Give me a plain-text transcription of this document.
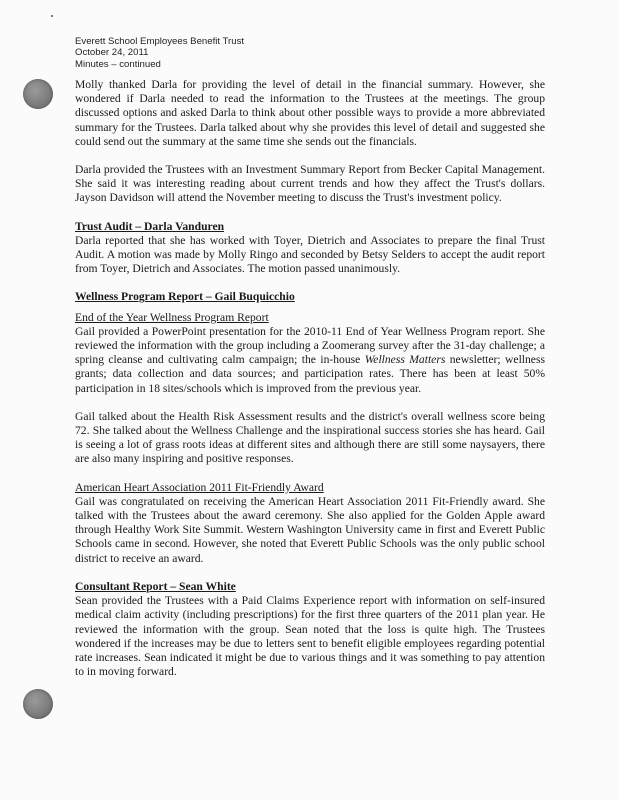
Everett School Employees Benefit Trust
October 24, 2011
Minutes – continued

Molly thanked Darla for providing the level of detail in the financial summary. However, she wondered if Darla needed to read the information to the Trustees at the meetings. The group discussed options and asked Darla to think about other possible ways to provide a more abbreviated summary for the Trustees. Darla talked about why she provides this level of detail and suggested she could send out the summary at the same time she sends out the financials.

Darla provided the Trustees with an Investment Summary Report from Becker Capital Management. She said it was interesting reading about current trends and how they affect the Trust's dollars. Jayson Davidson will attend the November meeting to discuss the Trust's investment policy.

Trust Audit – Darla Vanduren

Darla reported that she has worked with Toyer, Dietrich and Associates to prepare the final Trust Audit. A motion was made by Molly Ringo and seconded by Betsy Selders to accept the audit report from Toyer, Dietrich and Associates. The motion passed unanimously.

Wellness Program Report – Gail Buquicchio
End of the Year Wellness Program Report

Gail provided a PowerPoint presentation for the 2010-11 End of Year Wellness Program report. She reviewed the information with the group including a Zoomerang survey after the 31-day challenge; a spring cleanse and cultivating calm campaign; the in-house Wellness Matters newsletter; wellness grants; data collection and data sources; and participation rates. There has been at least 50% participation in 18 sites/schools which is improved from the previous year.

Gail talked about the Health Risk Assessment results and the district's overall wellness score being 72. She talked about the Wellness Challenge and the inspirational success stories she has heard. Gail is seeing a lot of grass roots ideas at different sites and although there are still some naysayers, there are also many inspiring and positive responses.

American Heart Association 2011 Fit-Friendly Award

Gail was congratulated on receiving the American Heart Association 2011 Fit-Friendly award. She talked with the Trustees about the award ceremony. She also applied for the Golden Apple award through Healthy Work Site Summit. Western Washington University came in first and Everett Public Schools came in second. However, she noted that Everett Public Schools was the only public school district to receive an award.

Consultant Report – Sean White

Sean provided the Trustees with a Paid Claims Experience report with information on self-insured medical claim activity (including prescriptions) for the first three quarters of the 2011 plan year. He reviewed the information with the group. Sean noted that the loss is quite high. The Trustees wondered if the increases may be due to letters sent to benefit eligible employees regarding potential rate increases. Sean indicated it might be due to various things and it was something to pay attention to in moving forward.
